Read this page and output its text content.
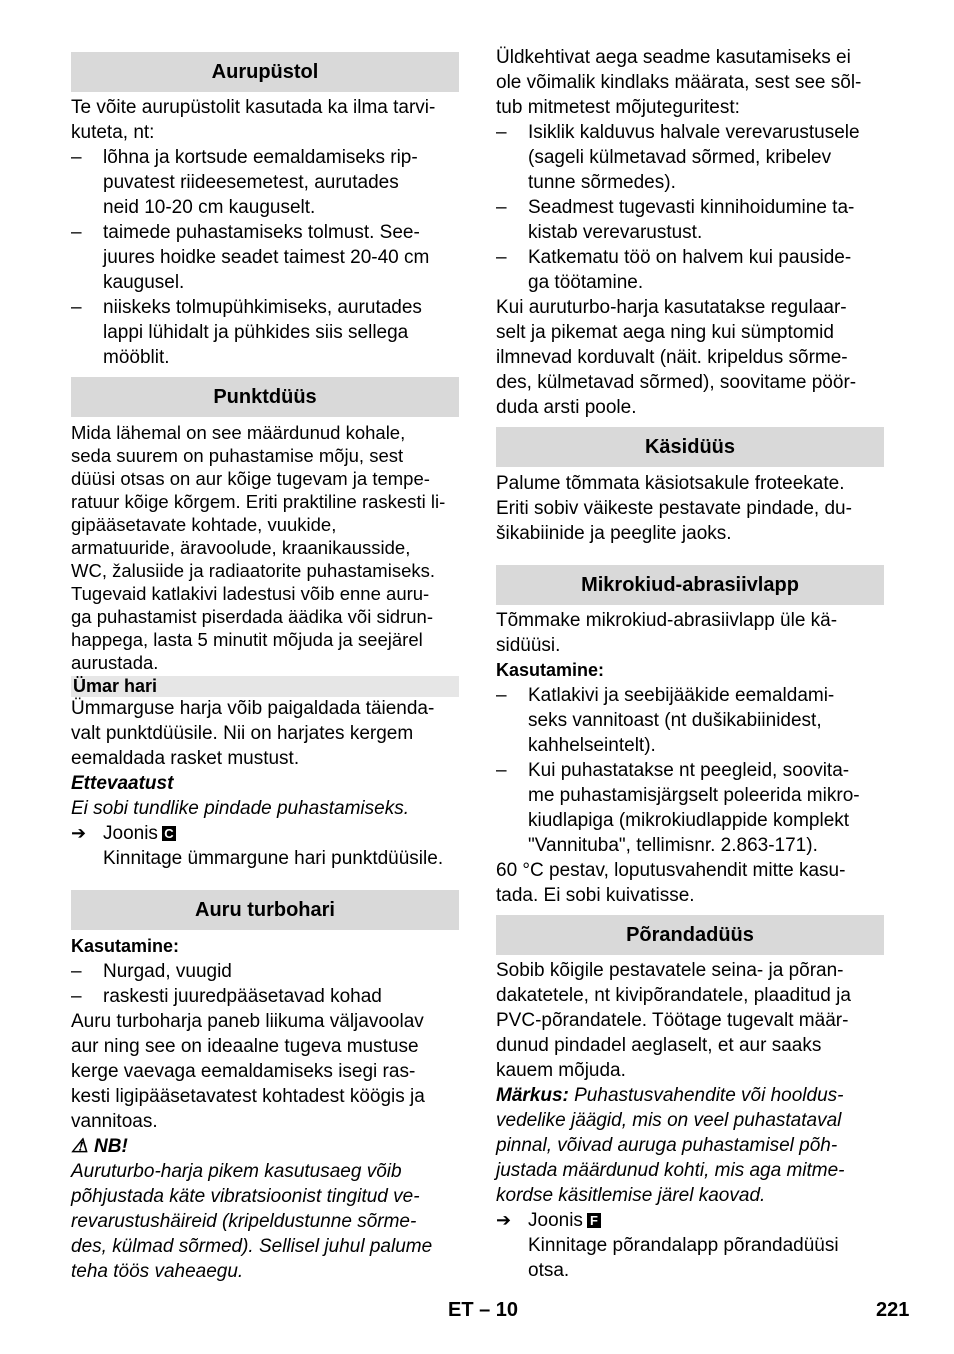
Aurupüstol
Te võite aurupüstolit kasutada ka ilma tarvi-
kuteta, nt:
– lõhna ja kortsude eemaldamiseks rip-
puvatest riideesemetest, aurutades
neid 10-20 cm kauguselt.
– taimede puhastamiseks tolmust. See-
juures hoidke seadet taimest 20-40 cm
kaugusel.
– niiskeks tolmupühkimiseks, aurutades
lappi lühidalt ja pühkides siis sellega
mööblit.
Punktdüüs
Mida lähemal on see määrdunud kohale,
seda suurem on puhastamise mõju, sest
düüsi otsas on aur kõige tugevam ja tempe-
ratuur kõige kõrgem. Eriti praktiline raskesti li-
gipääsetavate kohtade, vuukide,
armatuuride, äravoolude, kraanikausside,
WC, žalusiide ja radiaatorite puhastamiseks.
Tugevaid katlakivi ladestusi võib enne auru-
ga puhastamist piserdada äädika või sidrun-
happega, lasta 5 minutit mõjuda ja seejärel
aurustada.
Ümar hari
Ümmarguse harja võib paigaldada täienda-
valt punktdüüsile. Nii on harjates kergem
eemaldada rasket mustust.
Ettevaatust
Ei sobi tundlike pindade puhastamiseks.
➔ Joonis C
Kinnitage ümmargune hari punktdüüsile.
Auru turbohari
Kasutamine:
– Nurgad, vuugid
– raskesti juuredpääsetavad kohad
Auru turboharja paneb liikuma väljavoolav
aur ning see on ideaalne tugeva mustuse
kerge vaevaga eemaldamiseks isegi ras-
kesti ligipääsetavatest kohtadest köögis ja
vannitoas.
⚠ NB!
Auruturbo-harja pikem kasutusaeg võib
põhjustada käte vibratsioonist tingitud ve-
revarustushäireid (kripeldustunne sõrme-
des, külmad sõrmed). Sellisel juhul palume
teha töös vaheaegu.
Üldkehtivat aega seadme kasutamiseks ei
ole võimalik kindlaks määrata, sest see sõl-
tub mitmetest mõjuteguritest:
– Isiklik kalduvus halvale verevarustusele
(sageli külmetavad sõrmed, kribelev
tunne sõrmedes).
– Seadmest tugevasti kinnihoidumine ta-
kistab verevarustust.
– Katkematu töö on halvem kui pauside-
ga töötamine.
Kui auruturbo-harja kasutatakse regulaar-
selt ja pikemat aega ning kui sümptomid
ilmnevad korduvalt (näit. kripeldus sõrme-
des, külmetavad sõrmed), soovitame pöör-
duda arsti poole.
Käsidüüs
Palume tõmmata käsiotsakule froteekate.
Eriti sobiv väikeste pestavate pindade, du-
šikabiinide ja peeglite jaoks.
Mikrokiud-abrasiivlapp
Tõmmake mikrokiud-abrasiivlapp üle kä-
sidüüsi.
Kasutamine:
– Katlakivi ja seebijääkide eemaldami-
seks vannitoast (nt dušikabiinidest,
kahhelseintelt).
– Kui puhastatakse nt peegleid, soovita-
me puhastamisjärgselt poleerida mikro-
kiudlapiga (mikrokiudlappide komplekt
"Vannituba", tellimisnr. 2.863-171).
60 °C pestav, loputusvahendit mitte kasu-
tada. Ei sobi kuivatisse.
Põrandadüüs
Sobib kõigile pestavatele seina- ja põran-
dakatetele, nt kivipõrandatele, plaaditud ja
PVC-põrandatele. Töötage tugevalt määr-
dunud pindadel aeglaselt, et aur saaks
kauem mõjuda.
Märkus: Puhastusvahendite või hooldus-
vedelike jäägid, mis on veel puhastataval
pinnal, võivad auruga puhastamisel põh-
justada määrdunud kohti, mis aga mitme-
kordse käsitlemise järel kaovad.
➔ Joonis F
Kinnitage põrandalapp põrandadüüsi
otsa.
ET – 10	221
